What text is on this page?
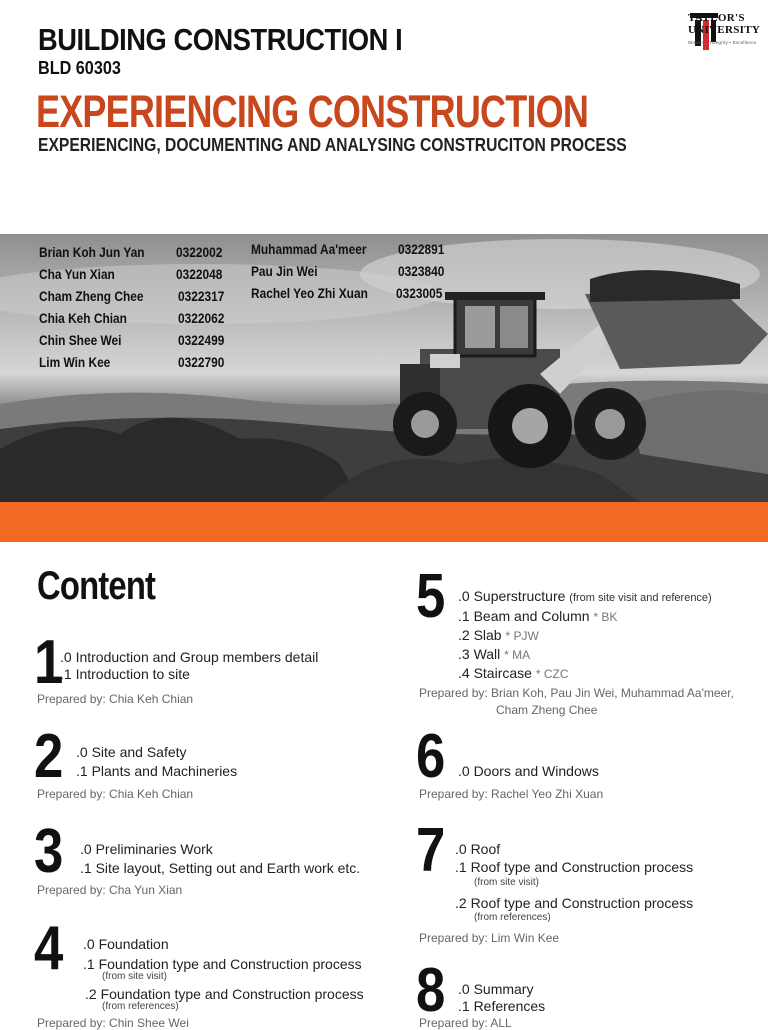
BUILDING CONSTRUCTION I
BLD 60303
EXPERIENCING CONSTRUCTION
EXPERIENCING, DOCUMENTING AND ANALYSING CONSTRUCITON PROCESS
TAYLOR'S
UNIVERSITY
Wisdom • Integrity • Excellence
Brian Koh Jun Yan 0322002
Cha Yun Xian	0322048
Cham Zheng Chee 0322317
Chia Keh Chian	0322062
Chin Shee Wei	0322499
Lim Win Kee	0322790
Muhammad Aa'meer 0322891
Pau Jin Wei	0323840
Rachel Yeo Zhi Xuan 0323005
Content
1
.0 Introduction and Group members detail
.1 Introduction to site
Prepared by: Chia Keh Chian
2 .0 Site and Safety
.1 Plants and Machineries
Prepared by: Chia Keh Chian
3 .0 Preliminaries Work
.1 Site layout, Setting out and Earth work etc.
Prepared by: Cha Yun Xian
4 .0 Foundation
.1 Foundation type and Construction process
(from site visit)
.2 Foundation type and Construction process
(from references)
Prepared by: Chin Shee Wei
5 .0 Superstructure (from site visit and reference)
.1 Beam and Column * BK
.2 Slab * PJW
.3 Wall * MA
.4 Staircase * CZC
Prepared by: Brian Koh, Pau Jin Wei, Muhammad Aa'meer,
Cham Zheng Chee
6 .0 Doors and Windows
Prepared by: Rachel Yeo Zhi Xuan
7 .0 Roof
.1 Roof type and Construction process
(from site visit)
.2 Roof type and Construction process
(from references)
Prepared by: Lim Win Kee
8 .0 Summary
.1 References
Prepared by: ALL
